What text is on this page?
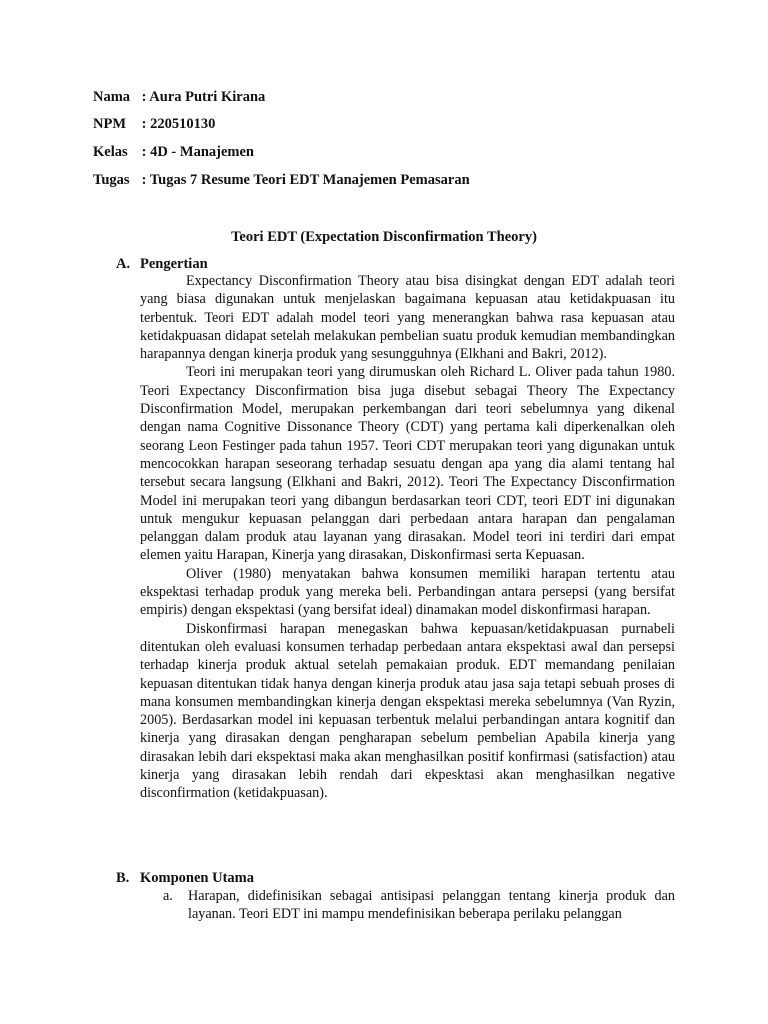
Nama : Aura Putri Kirana
NPM : 220510130
Kelas : 4D - Manajemen
Tugas : Tugas 7 Resume Teori EDT Manajemen Pemasaran
Teori EDT (Expectation Disconfirmation Theory)
A. Pengertian

Expectancy Disconfirmation Theory atau bisa disingkat dengan EDT adalah teori yang biasa digunakan untuk menjelaskan bagaimana kepuasan atau ketidakpuasan itu terbentuk. Teori EDT adalah model teori yang menerangkan bahwa rasa kepuasan atau ketidakpuasan didapat setelah melakukan pembelian suatu produk kemudian membandingkan harapannya dengan kinerja produk yang sesungguhnya (Elkhani and Bakri, 2012).

Teori ini merupakan teori yang dirumuskan oleh Richard L. Oliver pada tahun 1980. Teori Expectancy Disconfirmation bisa juga disebut sebagai Theory The Expectancy Disconfirmation Model, merupakan perkembangan dari teori sebelumnya yang dikenal dengan nama Cognitive Dissonance Theory (CDT) yang pertama kali diperkenalkan oleh seorang Leon Festinger pada tahun 1957. Teori CDT merupakan teori yang digunakan untuk mencocokkan harapan seseorang terhadap sesuatu dengan apa yang dia alami tentang hal tersebut secara langsung (Elkhani and Bakri, 2012). Teori The Expectancy Disconfirmation Model ini merupakan teori yang dibangun berdasarkan teori CDT, teori EDT ini digunakan untuk mengukur kepuasan pelanggan dari perbedaan antara harapan dan pengalaman pelanggan dalam produk atau layanan yang dirasakan. Model teori ini terdiri dari empat elemen yaitu Harapan, Kinerja yang dirasakan, Diskonfirmasi serta Kepuasan.

Oliver (1980) menyatakan bahwa konsumen memiliki harapan tertentu atau ekspektasi terhadap produk yang mereka beli. Perbandingan antara persepsi (yang bersifat empiris) dengan ekspektasi (yang bersifat ideal) dinamakan model diskonfirmasi harapan.

Diskonfirmasi harapan menegaskan bahwa kepuasan/ketidakpuasan purnabeli ditentukan oleh evaluasi konsumen terhadap perbedaan antara ekspektasi awal dan persepsi terhadap kinerja produk aktual setelah pemakaian produk. EDT memandang penilaian kepuasan ditentukan tidak hanya dengan kinerja produk atau jasa saja tetapi sebuah proses di mana konsumen membandingkan kinerja dengan ekspektasi mereka sebelumnya (Van Ryzin, 2005). Berdasarkan model ini kepuasan terbentuk melalui perbandingan antara kognitif dan kinerja yang dirasakan dengan pengharapan sebelum pembelian Apabila kinerja yang dirasakan lebih dari ekspektasi maka akan menghasilkan positif konfirmasi (satisfaction) atau kinerja yang dirasakan lebih rendah dari ekpesktasi akan menghasilkan negative disconfirmation (ketidakpuasan).

B. Komponen Utama
a. Harapan, didefinisikan sebagai antisipasi pelanggan tentang kinerja produk dan layanan. Teori EDT ini mampu mendefinisikan beberapa perilaku pelanggan
